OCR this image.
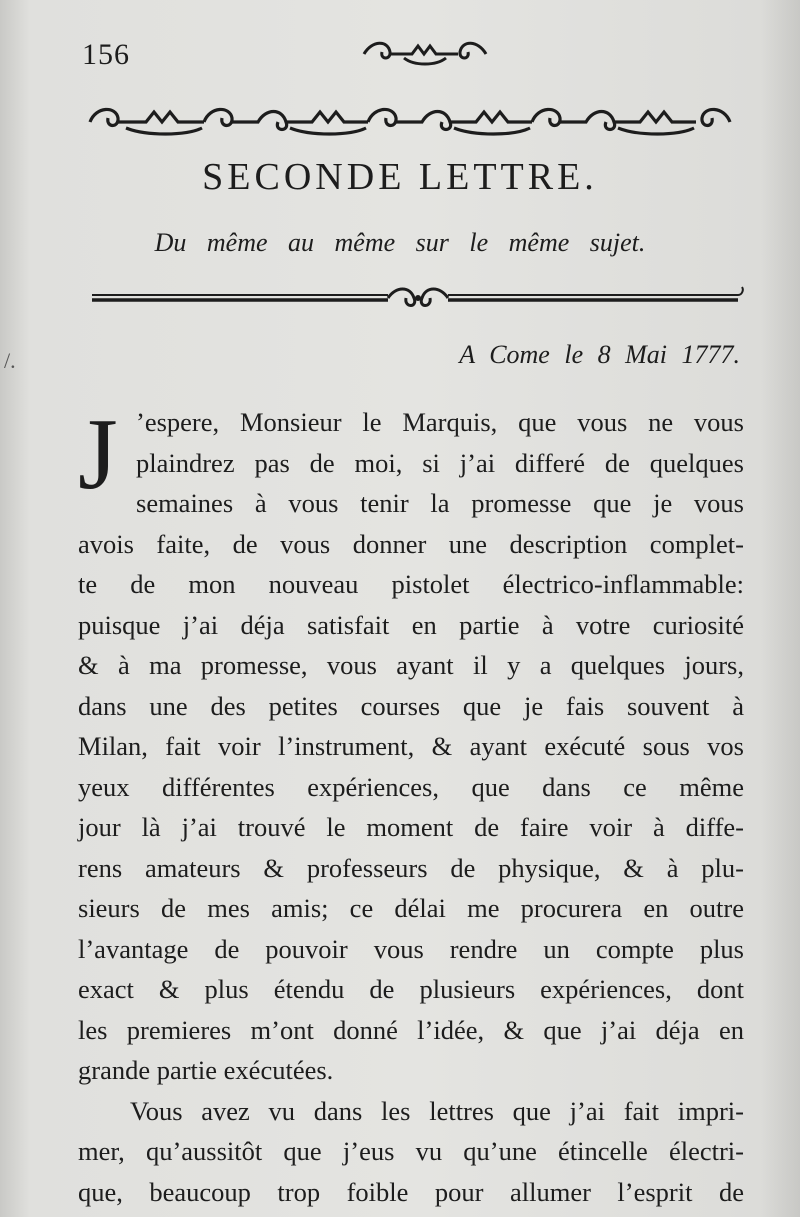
156
SECONDE LETTRE.
Du même au même sur le même sujet.
/.	A Come le 8 Mai 1777.
J ’espere, Monsieur le Marquis, que vous ne vous
plaindrez pas de moi, si j’ai differé de quelques
semaines à vous tenir la promesse que je vous
avois faite, de vous donner une description complet-
te de mon nouveau pistolet électrico-inflammable:
puisque j’ai déja satisfait en partie à votre curiosité
& à ma promesse, vous ayant il y a quelques jours,
dans une des petites courses que je fais souvent à
Milan, fait voir l’instrument, & ayant exécuté sous vos
yeux différentes expériences, que dans ce même
jour là j’ai trouvé le moment de faire voir à diffe-
rens amateurs & professeurs de physique, & à plu-
sieurs de mes amis; ce délai me procurera en outre
l’avantage de pouvoir vous rendre un compte plus
exact & plus étendu de plusieurs expériences, dont
les premieres m’ont donné l’idée, & que j’ai déja en
grande partie exécutées.
Vous avez vu dans les lettres que j’ai fait impri-
mer, qu’aussitôt que j’eus vu qu’une étincelle électri-
que, beaucoup trop foible pour allumer l’esprit de
